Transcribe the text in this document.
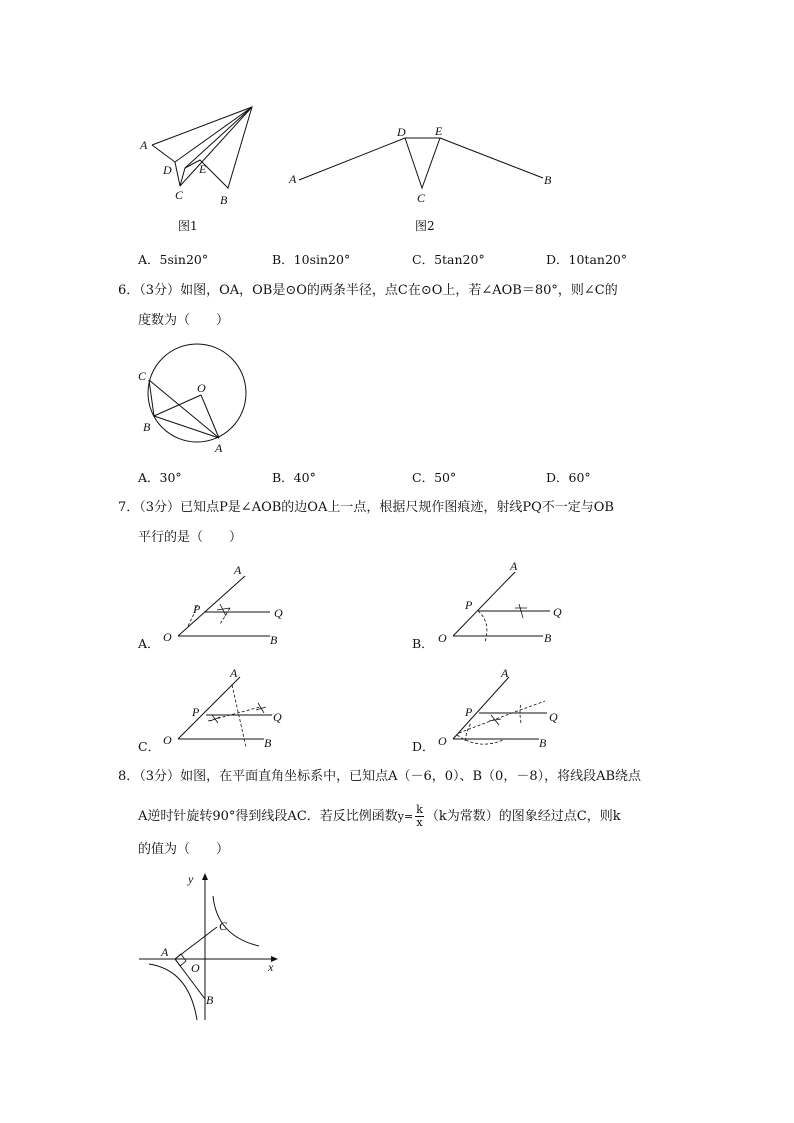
A
D E
C	B
图1
A
D E
C
B
图2
A．5sin20°	B．10sin20°	C．5tan20°	D．10tan20°
6．（3分）如图，OA，OB是⊙O的两条半径，点C在⊙O上，若∠AOB＝80°，则∠C的
度数为（　　）
C
O
B
A
A．30°	B．40°	C．50°	D．60°
7．（3分）已知点P是∠AOB的边OA上一点，根据尺规作图痕迹，射线PQ不一定与OB
平行的是（　　）
A．
A
P	Q
O	B	B．
A
P	Q
O	B
C．
A
P	Q
O	B	D．
A
P	Q
O	B
8．（3分）如图，在平面直角坐标系中，已知点A（－6，0）、B（0，－8），将线段AB绕点
A逆时针旋转90°得到线段AC．若反比例函数$y= \frac{k}{x} (k$为常数）的图象经过点C，则k
的值为（　　）
y
C
A
O	x
B
